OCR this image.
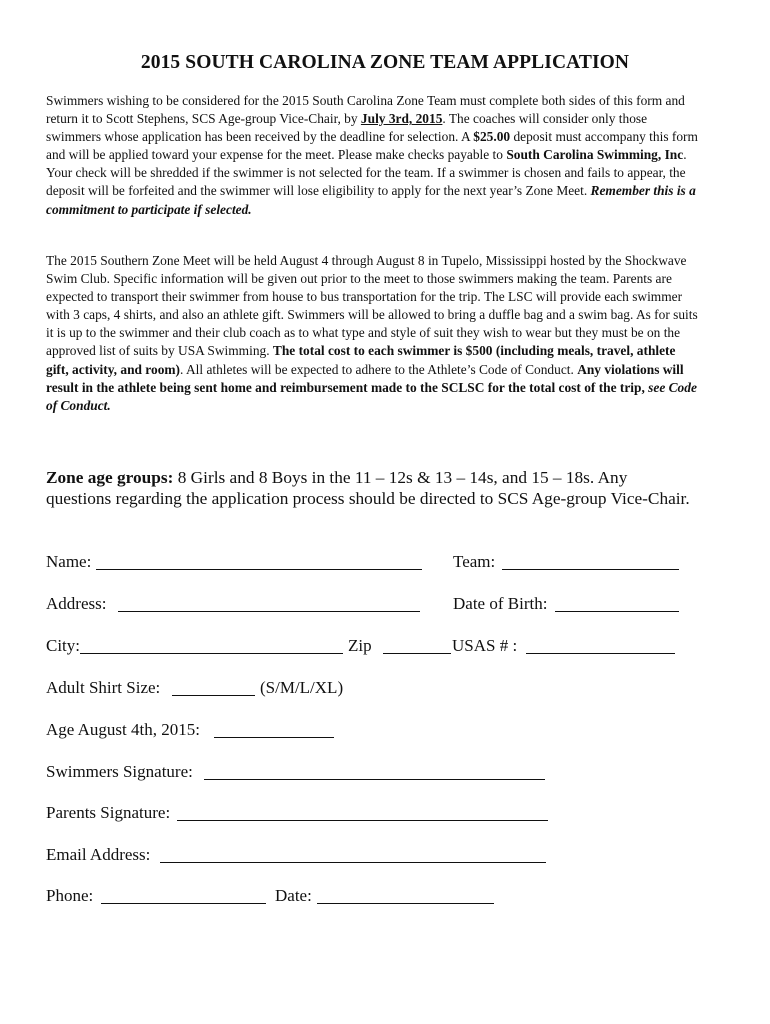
2015 SOUTH CAROLINA ZONE TEAM APPLICATION

Swimmers wishing to be considered for the 2015 South Carolina Zone Team must complete both sides of this form and return it to Scott Stephens, SCS Age-group Vice-Chair, by July 3rd, 2015. The coaches will consider only those swimmers whose application has been received by the deadline for selection. A $25.00 deposit must accompany this form and will be applied toward your expense for the meet. Please make checks payable to South Carolina Swimming, Inc. Your check will be shredded if the swimmer is not selected for the team. If a swimmer is chosen and fails to appear, the deposit will be forfeited and the swimmer will lose eligibility to apply for the next year’s Zone Meet. Remember this is a commitment to participate if selected.

The 2015 Southern Zone Meet will be held August 4 through August 8 in Tupelo, Mississippi hosted by the Shockwave Swim Club. Specific information will be given out prior to the meet to those swimmers making the team. Parents are expected to transport their swimmer from house to bus transportation for the trip. The LSC will provide each swimmer with 3 caps, 4 shirts, and also an athlete gift. Swimmers will be allowed to bring a duffle bag and a swim bag. As for suits it is up to the swimmer and their club coach as to what type and style of suit they wish to wear but they must be on the approved list of suits by USA Swimming. The total cost to each swimmer is $500 (including meals, travel, athlete gift, activity, and room). All athletes will be expected to adhere to the Athlete’s Code of Conduct. Any violations will result in the athlete being sent home and reimbursement made to the SCLSC for the total cost of the trip, see Code of Conduct.

Zone age groups: 8 Girls and 8 Boys in the 11 – 12s & 13 – 14s, and 15 – 18s. Any questions regarding the application process should be directed to SCS Age-group Vice-Chair.

Name:	Team:
Address:	Date of Birth:
City:	Zip	USAS # :
Adult Shirt Size:	(S/M/L/XL)
Age August 4th, 2015:
Swimmers Signature:
Parents Signature:
Email Address:
Phone:	Date:
